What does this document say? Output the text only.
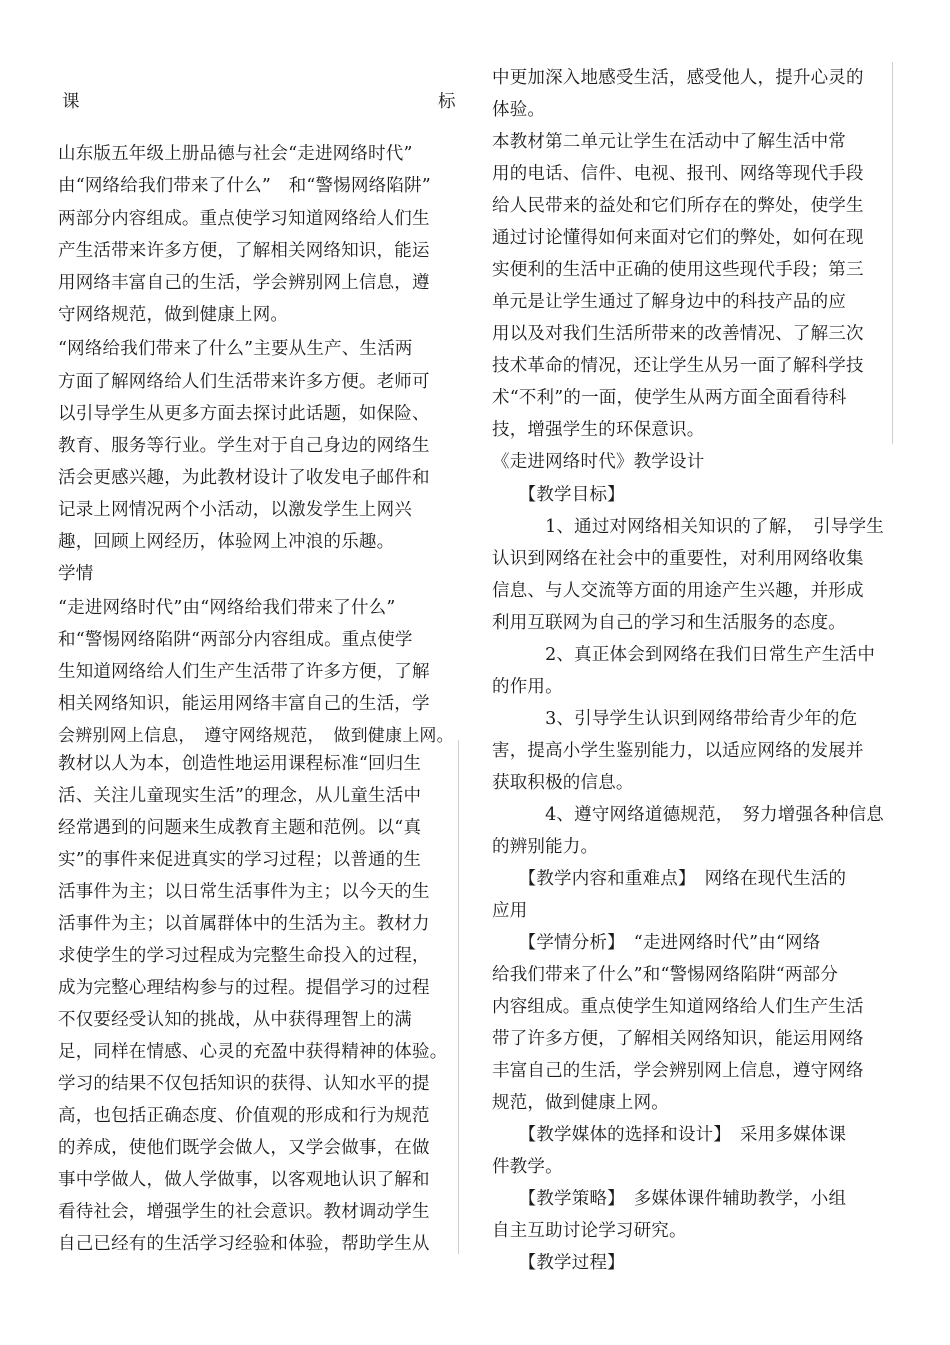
课	标
山东版五年级上册品德与社会“走进网络时代”
由“网络给我们带来了什么”　和“警惕网络陷阱”
两部分内容组成。重点使学习知道网络给人们生
产生活带来许多方便，了解相关网络知识，能运
用网络丰富自己的生活，学会辨别网上信息，遵
守网络规范，做到健康上网。
“网络给我们带来了什么”主要从生产、生活两
方面了解网络给人们生活带来许多方便。老师可
以引导学生从更多方面去探讨此话题，如保险、
教育、服务等行业。学生对于自己身边的网络生
活会更感兴趣，为此教材设计了收发电子邮件和
记录上网情况两个小活动，以激发学生上网兴
趣，回顾上网经历，体验网上冲浪的乐趣。
学情
“走进网络时代”由“网络给我们带来了什么”
和“警惕网络陷阱“两部分内容组成。重点使学
生知道网络给人们生产生活带了许多方便，了解
相关网络知识，能运用网络丰富自己的生活，学
会辨别网上信息，　遵守网络规范，　做到健康上网。
教材以人为本，创造性地运用课程标准“回归生
活、关注儿童现实生活”的理念，从儿童生活中
经常遇到的问题来生成教育主题和范例。以“真
实”的事件来促进真实的学习过程；以普通的生
活事件为主；以日常生活事件为主；以今天的生
活事件为主；以首属群体中的生活为主。教材力
求使学生的学习过程成为完整生命投入的过程，
成为完整心理结构参与的过程。提倡学习的过程
不仅要经受认知的挑战，从中获得理智上的满
足，同样在情感、心灵的充盈中获得精神的体验。
学习的结果不仅包括知识的获得、认知水平的提
高，也包括正确态度、价值观的形成和行为规范
的养成，使他们既学会做人，又学会做事，在做
事中学做人，做人学做事，以客观地认识了解和
看待社会，增强学生的社会意识。教材调动学生
自己已经有的生活学习经验和体验，帮助学生从
中更加深入地感受生活，感受他人，提升心灵的
体验。
本教材第二单元让学生在活动中了解生活中常
用的电话、信件、电视、报刊、网络等现代手段
给人民带来的益处和它们所存在的弊处，使学生
通过讨论懂得如何来面对它们的弊处，如何在现
实便利的生活中正确的使用这些现代手段；第三
单元是让学生通过了解身边中的科技产品的应
用以及对我们生活所带来的改善情况、了解三次
技术革命的情况，还让学生从另一面了解科学技
术“不利”的一面，使学生从两方面全面看待科
技，增强学生的环保意识。
《走进网络时代》教学设计
　　【教学目标】
　　　1、通过对网络相关知识的了解，　引导学生
认识到网络在社会中的重要性，对利用网络收集
信息、与人交流等方面的用途产生兴趣，并形成
利用互联网为自己的学习和生活服务的态度。
　　　2、真正体会到网络在我们日常生产生活中
的作用。
　　　3、引导学生认识到网络带给青少年的危
害，提高小学生鉴别能力，以适应网络的发展并
获取积极的信息。
　　　4、遵守网络道德规范，　努力增强各种信息
的辨别能力。
　　【教学内容和重难点】　网络在现代生活的
应用
　　【学情分析】　“走进网络时代”由“网络
给我们带来了什么”和“警惕网络陷阱“两部分
内容组成。重点使学生知道网络给人们生产生活
带了许多方便，了解相关网络知识，能运用网络
丰富自己的生活，学会辨别网上信息，遵守网络
规范，做到健康上网。
　　【教学媒体的选择和设计】　采用多媒体课
件教学。
　　【教学策略】　多媒体课件辅助教学，小组
自主互助讨论学习研究。
　　【教学过程】
